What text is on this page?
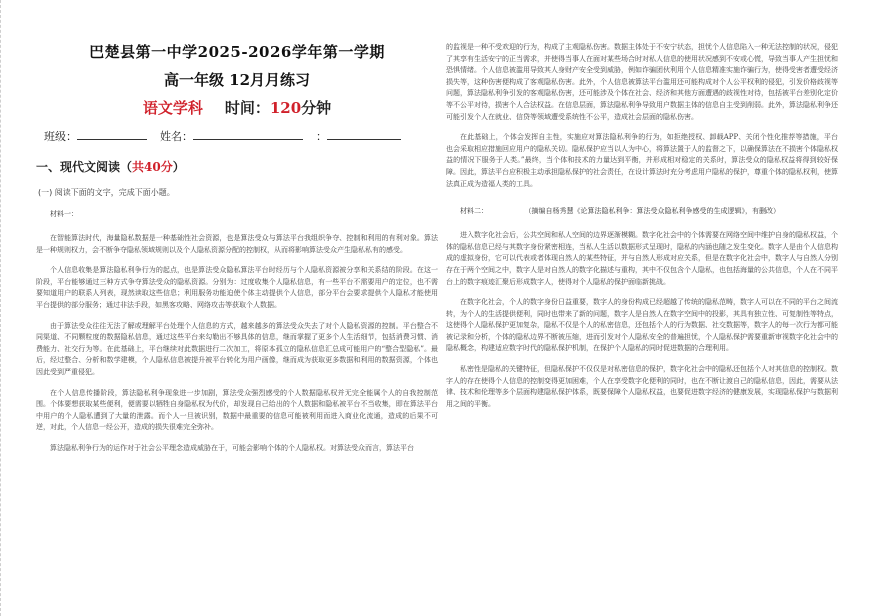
巴楚县第一中学2025-2026学年第一学期
高一年级 12月月练习
语文学科 时间：120分钟
班级：	姓名：	：
一、现代文阅读（共40分）
(一) 阅读下面的文字，完成下面小题。
材料一：

在智能算法时代，海量隐私数据是一种基础性社会资源，也是算法受众与算法平台我组织争夺、控制和利用的有利对象。算法是一种规则权力，会不断争夺隐私领域规则以及个人隐私资源分配的控制权，从而将影响算法受众产生隐私私有的感受。

个人信息收集是算法隐私利争行为的起点，也是算法受众隐私算法平台时经历与个人隐私资源被分享和关系结的阶段。在这一阶段，平台能够通过三种方式争夺算法受众的隐私资源。分别为：过度收集个人隐私信息，有一些平台不需要用户的定位，也不需要知道用户的联系人列表，现然读取这些信息；利用服务功能迫使个体主动提供个人信息，部分平台会要求提供个人隐私才能使用平台提供的部分服务；通过非法手段，如黑客攻略、网络攻击等获取个人数据。

由于算法受众往往无法了解或理解平台处理个人信息的方式，越来越多的算法受众失去了对个人隐私资源的控制。平台整合不同渠道、不同颗粒度的数据隐私信息，通过这些平台来勾勒出不够具体的信息，继而掌握了更多个人生活细节，包括消费习惯、消费能力、社交行为等。在此基础上，平台继续对此数据进行二次加工，将原本孤立的隐私信息汇总成可能用户的“整合型隐私”。最后，经过整合、分析和数学建模，个人隐私信息被提升被平台转化为用户画像，继而成为获取更多数据和利用的数据资源，个体也因此受到严重侵犯。

在个人信息传播阶段，算法隐私利争现象进一步加剧，算法受众强烈感受的个人数据隐私权并无完全能属个人的自我控制范围。个体要想获取某些便利，便需要以牺牲自身隐私权为代价，却发现自己给出的个人数据和隐私被平台不当收集，即在算法平台中用户的个人隐私遭到了大量的泄露。而个人一旦被识别，数据中最重要的信息可能被利用而进入商业化流通，造成的后果不可逆，对此，个人信息一经公开，造成的损失很难完全弥补。

算法隐私利争行为的运作对于社会公平理念造成威胁在于，可能会影响个体的个人隐私权。对算法受众而言，算法平台

的监视是一种不受欢迎的行为，构成了主观隐私伤害。数据主体处于不安宁状态，担忧个人信息陷入一种无法控制的状况，侵犯了其享有生活安宁的正当需求，并使得当事人在面对某些场合时对私人信息的使用状况感到不安或心慌，导致当事人产生担忧和恐惧情绪。个人信息被滥用导致其人身财产安全受到威胁，例如诈骗团伙利用个人信息精准实施诈骗行为，使得受害者遭受经济损失等，这种伤害便构成了客观隐私伤害。此外，个人信息被算法平台滥用还可能构成对个人公平权利的侵犯，引发价格歧视等问题，算法隐私利争引发的客观隐私伤害，还可能涉及个体在社会、经济和其他方面遭遇的歧视性对待，包括被平台差别化定价等不公平对待，损害个人合法权益。在信息层面，算法隐私利争导致用户数据主体的信息自主受到削弱。此外，算法隐私利争还可能引发个人在就业、信贷等领域遭受系统性不公平，造成社会层面的隐私伤害。

在此基础上，个体会发挥自主性，实施应对算法隐私利争的行为，如拒绝授权、卸载APP、关闭个性化推荐等措施，平台也会采取相应措施回应用户的隐私关切。隐私保护应当以人为中心，将算法置于人的监督之下，以确保算法在不损害个体隐私权益的情况下服务于人类。”最终，当个体和技术的力量达到平衡，并形成相对稳定的关系时，算法受众的隐私权益将得到较好保障。因此，算法平台应积极主动承担隐私保护的社会责任，在设计算法时充分考虑用户隐私的保护，尊重个体的隐私权利，使算法真正成为造福人类的工具。

材料二：	（摘编自杨秀慧《论算法隐私利争：算法受众隐私利争感受的生成逻辑》，有删改）

进入数字化社会后，公共空间和私人空间的边界逐渐模糊。数字化社会中的个体需要在网络空间中维护自身的隐私权益，个体的隐私信息已经与其数字身份紧密相连，当私人生活以数据形式呈现时，隐私的内涵也随之发生变化。数字人是由个人信息构成的虚拟身份，它可以代表或者体现自然人的某些特征，并与自然人形成对应关系，但是在数字化社会中，数字人与自然人分别存在于两个空间之中，数字人是对自然人的数字化描述与重构，其中不仅包含个人隐私，也包括海量的公共信息，个人在不同平台上的数字痕迹汇聚后形成数字人，使得对个人隐私的保护面临新挑战。

在数字化社会，个人的数字身份日益重要，数字人的身份构成已经超越了传统的隐私范畴，数字人可以在不同的平台之间流转，为个人的生活提供便利，同时也带来了新的问题，数字人是自然人在数字空间中的投影，其具有独立性、可复制性等特点，这使得个人隐私保护更加复杂，隐私不仅是个人的私密信息，还包括个人的行为数据、社交数据等，数字人的每一次行为都可能被记录和分析，个体的隐私边界不断被压缩，进而引发对个人隐私安全的普遍担忧，个人隐私保护需要重新审视数字化社会中的隐私概念，构建适应数字时代的隐私保护机制，在保护个人隐私的同时促进数据的合理利用。

私密性是隐私的关键特征，但隐私保护不仅仅是对私密信息的保护，数字化社会中的隐私还包括个人对其信息的控制权。数字人的存在使得个人信息的控制变得更加困难，个人在享受数字化便利的同时，也在不断让渡自己的隐私信息，因此，需要从法律、技术和伦理等多个层面构建隐私保护体系，既要保障个人隐私权益，也要促进数字经济的健康发展，实现隐私保护与数据利用之间的平衡。
